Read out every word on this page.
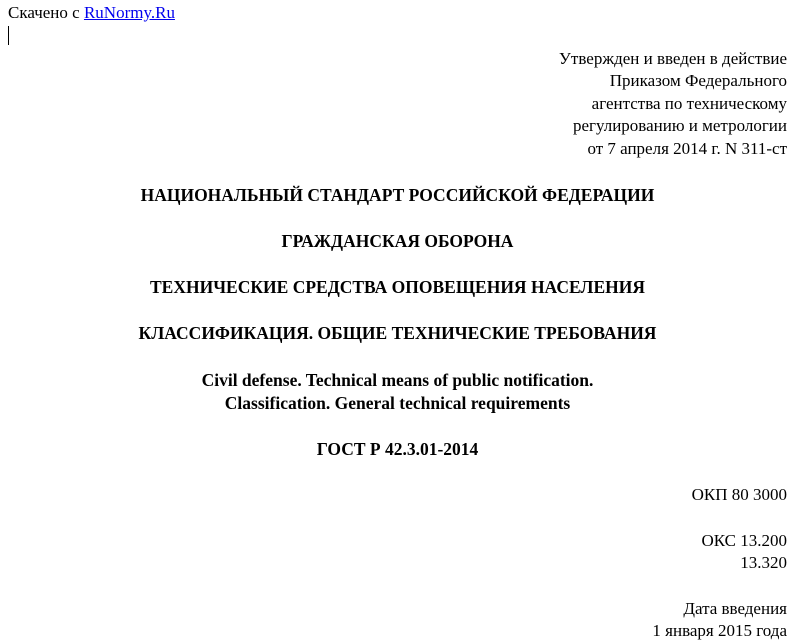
Скачено с RuNormy.Ru
Утвержден и введен в действие
Приказом Федерального
агентства по техническому
регулированию и метрологии
от 7 апреля 2014 г. N 311-ст
НАЦИОНАЛЬНЫЙ СТАНДАРТ РОССИЙСКОЙ ФЕДЕРАЦИИ
ГРАЖДАНСКАЯ ОБОРОНА
ТЕХНИЧЕСКИЕ СРЕДСТВА ОПОВЕЩЕНИЯ НАСЕЛЕНИЯ
КЛАССИФИКАЦИЯ. ОБЩИЕ ТЕХНИЧЕСКИЕ ТРЕБОВАНИЯ
Civil defense. Technical means of public notification.
Classification. General technical requirements
ГОСТ Р 42.3.01-2014
ОКП 80 3000
ОКС 13.200
13.320
Дата введения
1 января 2015 года
